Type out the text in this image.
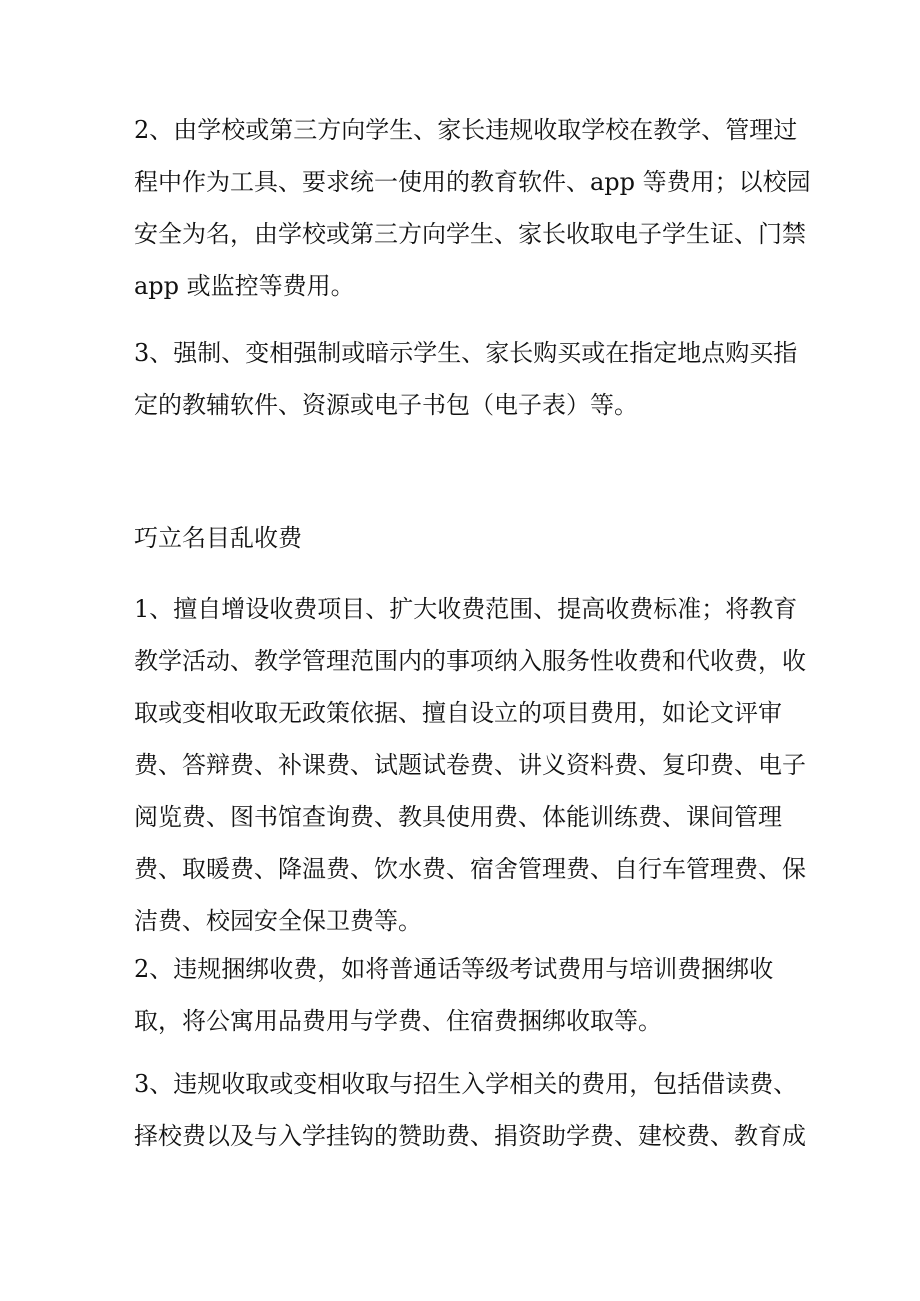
2、由学校或第三方向学生、家长违规收取学校在教学、管理过
程中作为工具、要求统一使用的教育软件、app 等费用；以校园
安全为名，由学校或第三方向学生、家长收取电子学生证、门禁
app 或监控等费用。
3、强制、变相强制或暗示学生、家长购买或在指定地点购买指
定的教辅软件、资源或电子书包（电子表）等。
巧立名目乱收费
1、擅自增设收费项目、扩大收费范围、提高收费标准；将教育
教学活动、教学管理范围内的事项纳入服务性收费和代收费，收
取或变相收取无政策依据、擅自设立的项目费用，如论文评审
费、答辩费、补课费、试题试卷费、讲义资料费、复印费、电子
阅览费、图书馆查询费、教具使用费、体能训练费、课间管理
费、取暖费、降温费、饮水费、宿舍管理费、自行车管理费、保
洁费、校园安全保卫费等。
2、违规捆绑收费，如将普通话等级考试费用与培训费捆绑收
取，将公寓用品费用与学费、住宿费捆绑收取等。
3、违规收取或变相收取与招生入学相关的费用，包括借读费、
择校费以及与入学挂钩的赞助费、捐资助学费、建校费、教育成
